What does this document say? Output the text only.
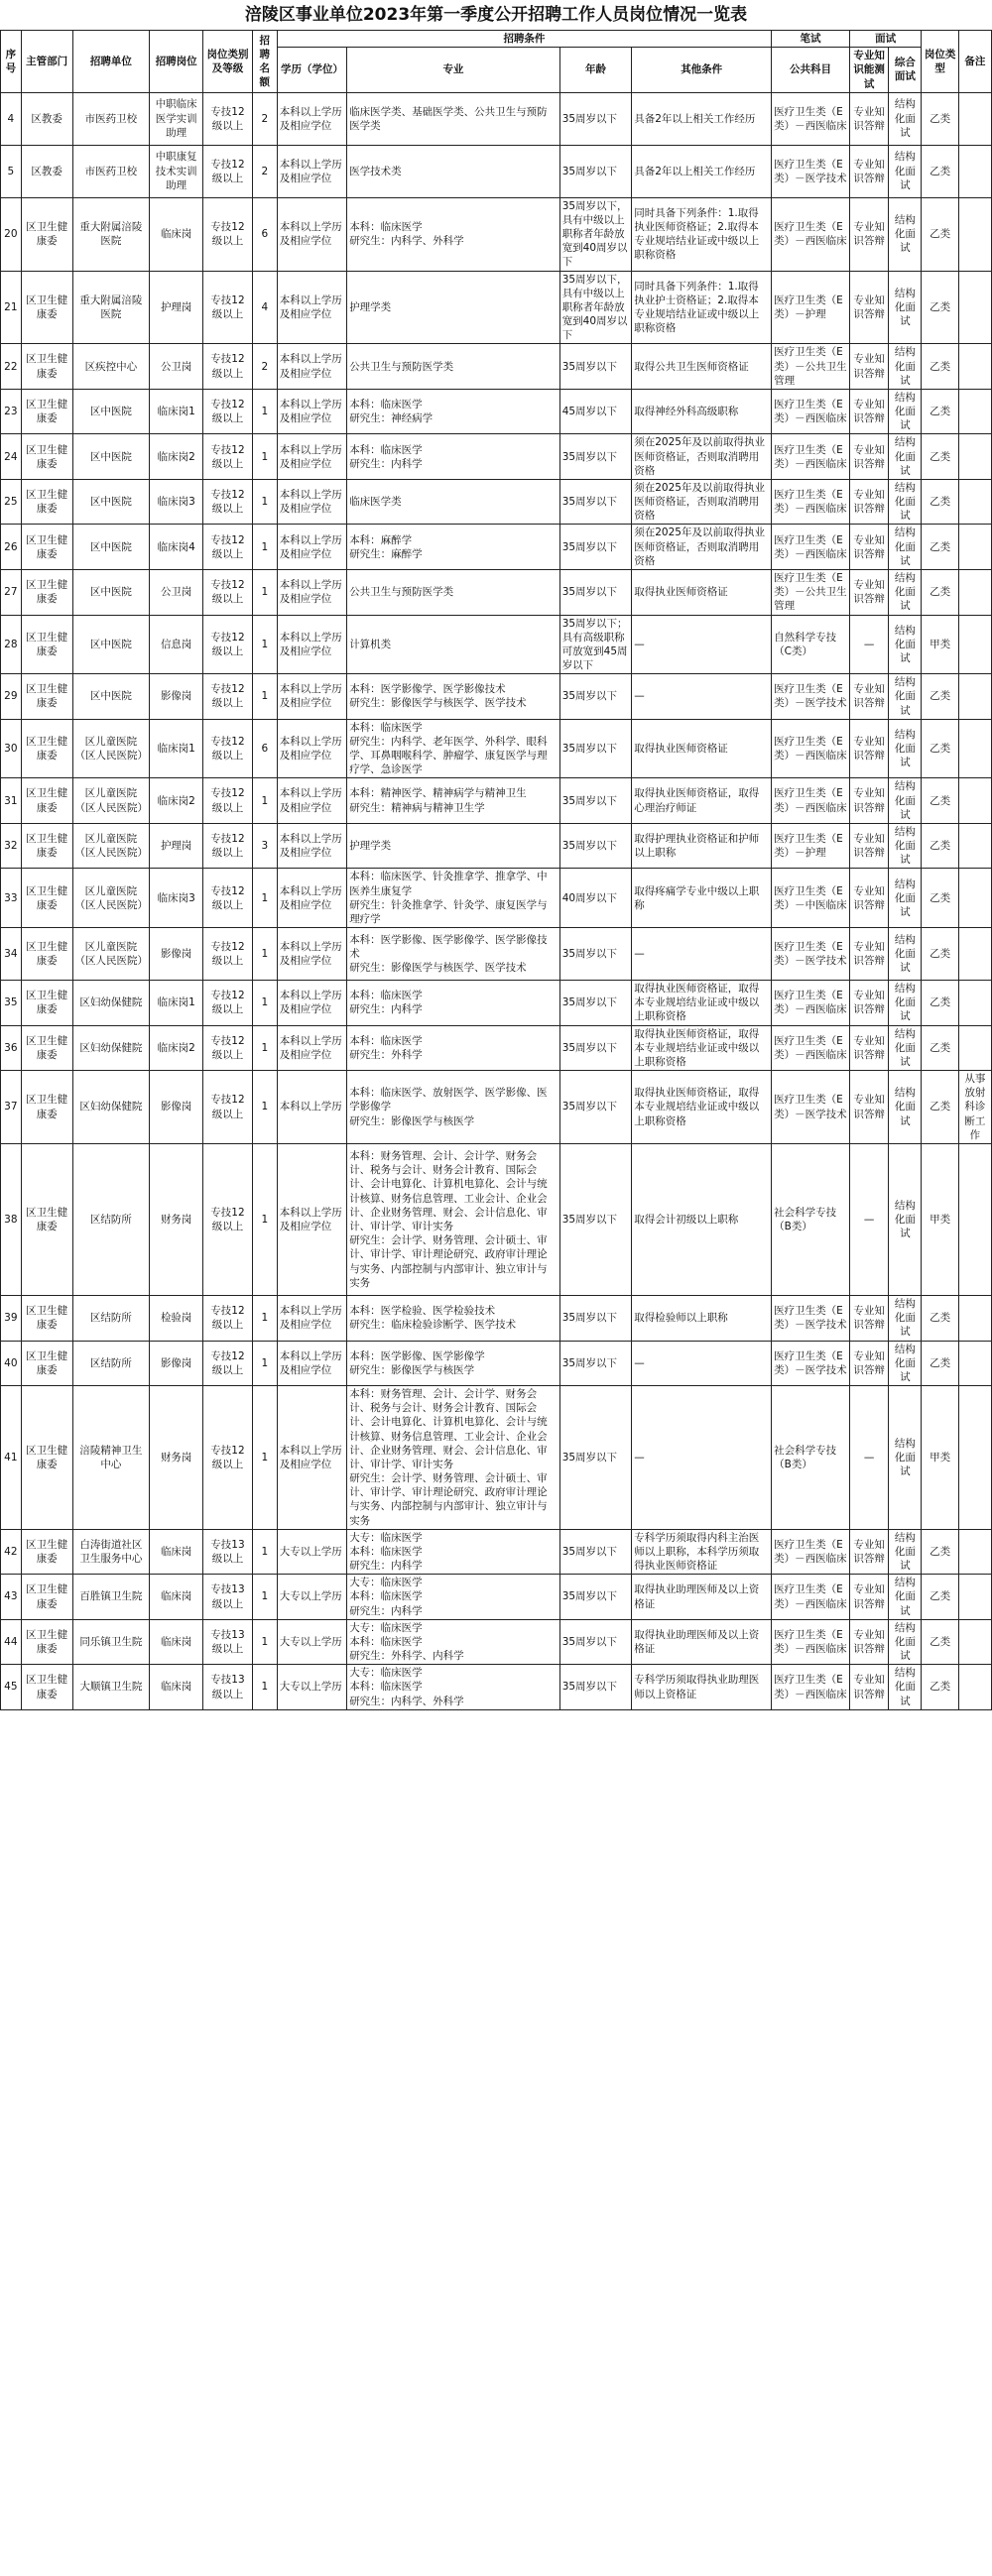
涪陵区事业单位2023年第一季度公开招聘工作人员岗位情况一览表
序号	主管部门	招聘单位	招聘岗位	岗位类别及等级	招聘名额	招聘条件				笔试	面试		岗位类型	备注
						学历（学位）	专业	年龄	其他条件	公共科目	专业知识能测试	综合面试		
4	区教委	市医药卫校	中职临床医学实训助理	专技12级以上	2	本科以上学历及相应学位	临床医学类、基础医学类、公共卫生与预防医学类	35周岁以下	具备2年以上相关工作经历	医疗卫生类（E类）－西医临床	专业知识答辩	结构化面试	乙类	
5	区教委	市医药卫校	中职康复技术实训助理	专技12级以上	2	本科以上学历及相应学位	医学技术类	35周岁以下	具备2年以上相关工作经历	医疗卫生类（E类）－医学技术	专业知识答辩	结构化面试	乙类	
20	区卫生健康委	重大附属涪陵医院	临床岗	专技12级以上	6	本科以上学历及相应学位	本科：临床医学
研究生：内科学、外科学	35周岁以下，具有中级以上职称者年龄放宽到40周岁以下	同时具备下列条件：1.取得执业医师资格证；2.取得本专业规培结业证或中级以上职称资格	医疗卫生类（E类）－西医临床	专业知识答辩	结构化面试	乙类	
21	区卫生健康委	重大附属涪陵医院	护理岗	专技12级以上	4	本科以上学历及相应学位	护理学类	35周岁以下，具有中级以上职称者年龄放宽到40周岁以下	同时具备下列条件：1.取得执业护士资格证；2.取得本专业规培结业证或中级以上职称资格	医疗卫生类（E类）－护理	专业知识答辩	结构化面试	乙类	
22	区卫生健康委	区疾控中心	公卫岗	专技12级以上	2	本科以上学历及相应学位	公共卫生与预防医学类	35周岁以下	取得公共卫生医师资格证	医疗卫生类（E类）－公共卫生管理	专业知识答辩	结构化面试	乙类	
23	区卫生健康委	区中医院	临床岗1	专技12级以上	1	本科以上学历及相应学位	本科：临床医学
研究生：神经病学	45周岁以下	取得神经外科高级职称	医疗卫生类（E类）－西医临床	专业知识答辩	结构化面试	乙类	
24	区卫生健康委	区中医院	临床岗2	专技12级以上	1	本科以上学历及相应学位	本科：临床医学
研究生：内科学	35周岁以下	须在2025年及以前取得执业医师资格证，否则取消聘用资格	医疗卫生类（E类）－西医临床	专业知识答辩	结构化面试	乙类	
25	区卫生健康委	区中医院	临床岗3	专技12级以上	1	本科以上学历及相应学位	临床医学类	35周岁以下	须在2025年及以前取得执业医师资格证，否则取消聘用资格	医疗卫生类（E类）－西医临床	专业知识答辩	结构化面试	乙类	
26	区卫生健康委	区中医院	临床岗4	专技12级以上	1	本科以上学历及相应学位	本科：麻醉学
研究生：麻醉学	35周岁以下	须在2025年及以前取得执业医师资格证，否则取消聘用资格	医疗卫生类（E类）－西医临床	专业知识答辩	结构化面试	乙类	
27	区卫生健康委	区中医院	公卫岗	专技12级以上	1	本科以上学历及相应学位	公共卫生与预防医学类	35周岁以下	取得执业医师资格证	医疗卫生类（E类）－公共卫生管理	专业知识答辩	结构化面试	乙类	
28	区卫生健康委	区中医院	信息岗	专技12级以上	1	本科以上学历及相应学位	计算机类	35周岁以下；具有高级职称可放宽到45周岁以下	—	自然科学专技（C类）	—	结构化面试	甲类	
29	区卫生健康委	区中医院	影像岗	专技12级以上	1	本科以上学历及相应学位	本科：医学影像学、医学影像技术
研究生：影像医学与核医学、医学技术	35周岁以下	—	医疗卫生类（E类）－医学技术	专业知识答辩	结构化面试	乙类	
30	区卫生健康委	区儿童医院（区人民医院）	临床岗1	专技12级以上	6	本科以上学历及相应学位	本科：临床医学
研究生：内科学、老年医学、外科学、眼科学、耳鼻咽喉科学、肿瘤学、康复医学与理疗学、急诊医学	35周岁以下	取得执业医师资格证	医疗卫生类（E类）－西医临床	专业知识答辩	结构化面试	乙类	
31	区卫生健康委	区儿童医院（区人民医院）	临床岗2	专技12级以上	1	本科以上学历及相应学位	本科：精神医学、精神病学与精神卫生
研究生：精神病与精神卫生学	35周岁以下	取得执业医师资格证，取得心理治疗师证	医疗卫生类（E类）－西医临床	专业知识答辩	结构化面试	乙类	
32	区卫生健康委	区儿童医院（区人民医院）	护理岗	专技12级以上	3	本科以上学历及相应学位	护理学类	35周岁以下	取得护理执业资格证和护师以上职称	医疗卫生类（E类）－护理	专业知识答辩	结构化面试	乙类	
33	区卫生健康委	区儿童医院（区人民医院）	临床岗3	专技12级以上	1	本科以上学历及相应学位	本科：临床医学、针灸推拿学、推拿学、中医养生康复学
研究生：针灸推拿学、针灸学、康复医学与理疗学	40周岁以下	取得疼痛学专业中级以上职称	医疗卫生类（E类）－中医临床	专业知识答辩	结构化面试	乙类	
34	区卫生健康委	区儿童医院（区人民医院）	影像岗	专技12级以上	1	本科以上学历及相应学位	本科：医学影像、医学影像学、医学影像技术
研究生：影像医学与核医学、医学技术	35周岁以下	—	医疗卫生类（E类）－医学技术	专业知识答辩	结构化面试	乙类	
35	区卫生健康委	区妇幼保健院	临床岗1	专技12级以上	1	本科以上学历及相应学位	本科：临床医学
研究生：内科学	35周岁以下	取得执业医师资格证，取得本专业规培结业证或中级以上职称资格	医疗卫生类（E类）－西医临床	专业知识答辩	结构化面试	乙类	
36	区卫生健康委	区妇幼保健院	临床岗2	专技12级以上	1	本科以上学历及相应学位	本科：临床医学
研究生：外科学	35周岁以下	取得执业医师资格证，取得本专业规培结业证或中级以上职称资格	医疗卫生类（E类）－西医临床	专业知识答辩	结构化面试	乙类	
37	区卫生健康委	区妇幼保健院	影像岗	专技12级以上	1	本科以上学历	本科：临床医学、放射医学、医学影像、医学影像学
研究生：影像医学与核医学	35周岁以下	取得执业医师资格证，取得本专业规培结业证或中级以上职称资格	医疗卫生类（E类）－医学技术	专业知识答辩	结构化面试	乙类	从事放射科诊断工作
38	区卫生健康委	区结防所	财务岗	专技12级以上	1	本科以上学历及相应学位	本科：财务管理、会计、会计学、财务会计、税务与会计、财务会计教育、国际会计、会计电算化、计算机电算化、会计与统计核算、财务信息管理、工业会计、企业会计、企业财务管理、财会、会计信息化、审计、审计学、审计实务
研究生：会计学、财务管理、会计硕士、审计、审计学、审计理论研究、政府审计理论与实务、内部控制与内部审计、独立审计与实务	35周岁以下	取得会计初级以上职称	社会科学专技（B类）	—	结构化面试	甲类	
39	区卫生健康委	区结防所	检验岗	专技12级以上	1	本科以上学历及相应学位	本科：医学检验、医学检验技术
研究生：临床检验诊断学、医学技术	35周岁以下	取得检验师以上职称	医疗卫生类（E类）－医学技术	专业知识答辩	结构化面试	乙类	
40	区卫生健康委	区结防所	影像岗	专技12级以上	1	本科以上学历及相应学位	本科：医学影像、医学影像学
研究生：影像医学与核医学	35周岁以下	—	医疗卫生类（E类）－医学技术	专业知识答辩	结构化面试	乙类	
41	区卫生健康委	涪陵精神卫生中心	财务岗	专技12级以上	1	本科以上学历及相应学位	本科：财务管理、会计、会计学、财务会计、税务与会计、财务会计教育、国际会计、会计电算化、计算机电算化、会计与统计核算、财务信息管理、工业会计、企业会计、企业财务管理、财会、会计信息化、审计、审计学、审计实务
研究生：会计学、财务管理、会计硕士、审计、审计学、审计理论研究、政府审计理论与实务、内部控制与内部审计、独立审计与实务	35周岁以下	—	社会科学专技（B类）	—	结构化面试	甲类	
42	区卫生健康委	白涛街道社区卫生服务中心	临床岗	专技13级以上	1	大专以上学历	大专：临床医学
本科：临床医学
研究生：内科学	35周岁以下	专科学历须取得内科主治医师以上职称，本科学历须取得执业医师资格证	医疗卫生类（E类）－西医临床	专业知识答辩	结构化面试	乙类	
43	区卫生健康委	百胜镇卫生院	临床岗	专技13级以上	1	大专以上学历	大专：临床医学
本科：临床医学
研究生：内科学	35周岁以下	取得执业助理医师及以上资格证	医疗卫生类（E类）－西医临床	专业知识答辩	结构化面试	乙类	
44	区卫生健康委	同乐镇卫生院	临床岗	专技13级以上	1	大专以上学历	大专：临床医学
本科：临床医学
研究生：外科学、内科学	35周岁以下	取得执业助理医师及以上资格证	医疗卫生类（E类）－西医临床	专业知识答辩	结构化面试	乙类	
45	区卫生健康委	大顺镇卫生院	临床岗	专技13级以上	1	大专以上学历	大专：临床医学
本科：临床医学
研究生：内科学、外科学	35周岁以下	专科学历须取得执业助理医师以上资格证	医疗卫生类（E类）－西医临床	专业知识答辩	结构化面试	乙类	
